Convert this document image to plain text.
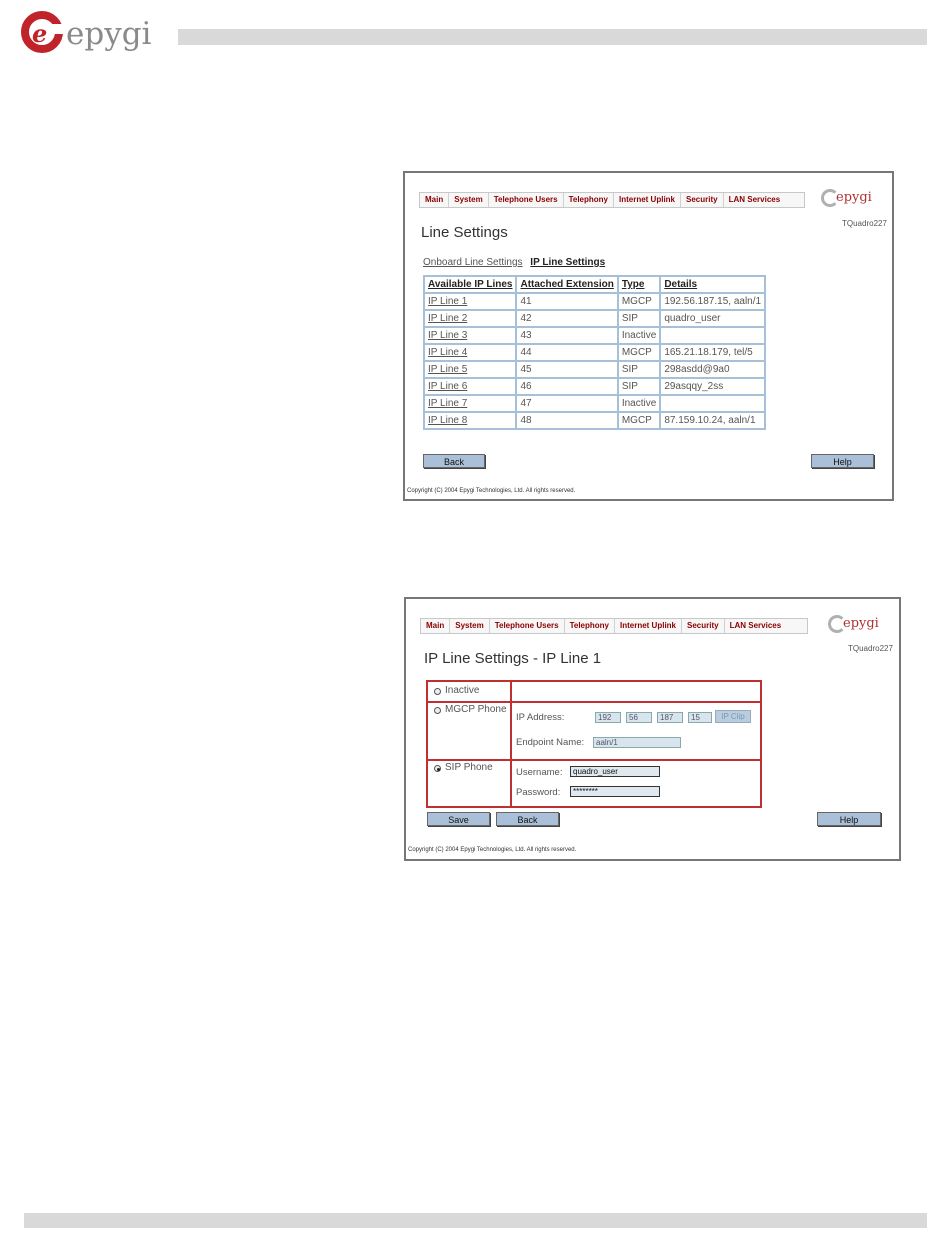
e epygi
Main	System	Telephone Users	Telephony	Internet Uplink	Security	LAN Services	epygi
TQuadro227
Line Settings
Onboard Line Settings IP Line Settings
Available IP Lines	Attached Extension	Type	Details
IP Line 1	41	MGCP	192.56.187.15, aaln/1
IP Line 2	42	SIP	quadro_user
IP Line 3	43	Inactive	
IP Line 4	44	MGCP	165.21.18.179, tel/5
IP Line 5	45	SIP	298asdd@9a0
IP Line 6	46	SIP	29asqqy_2ss
IP Line 7	47	Inactive	
IP Line 8	48	MGCP	87.159.10.24, aaln/1
Back	Help
Copyright (C) 2004 Epygi Technologies, Ltd. All rights reserved.
Main	System	Telephone Users	Telephony	Internet Uplink	Security	LAN Services	epygi
TQuadro227
IP Line Settings - IP Line 1
Inactive
MGCP Phone
IP Address:	192	56	187	15	IP Clip
Endpoint Name:	aaln/1
SIP Phone Username:	quadro_user
Password:	********
Save	Back	Help
Copyright (C) 2004 Epygi Technologies, Ltd. All rights reserved.
